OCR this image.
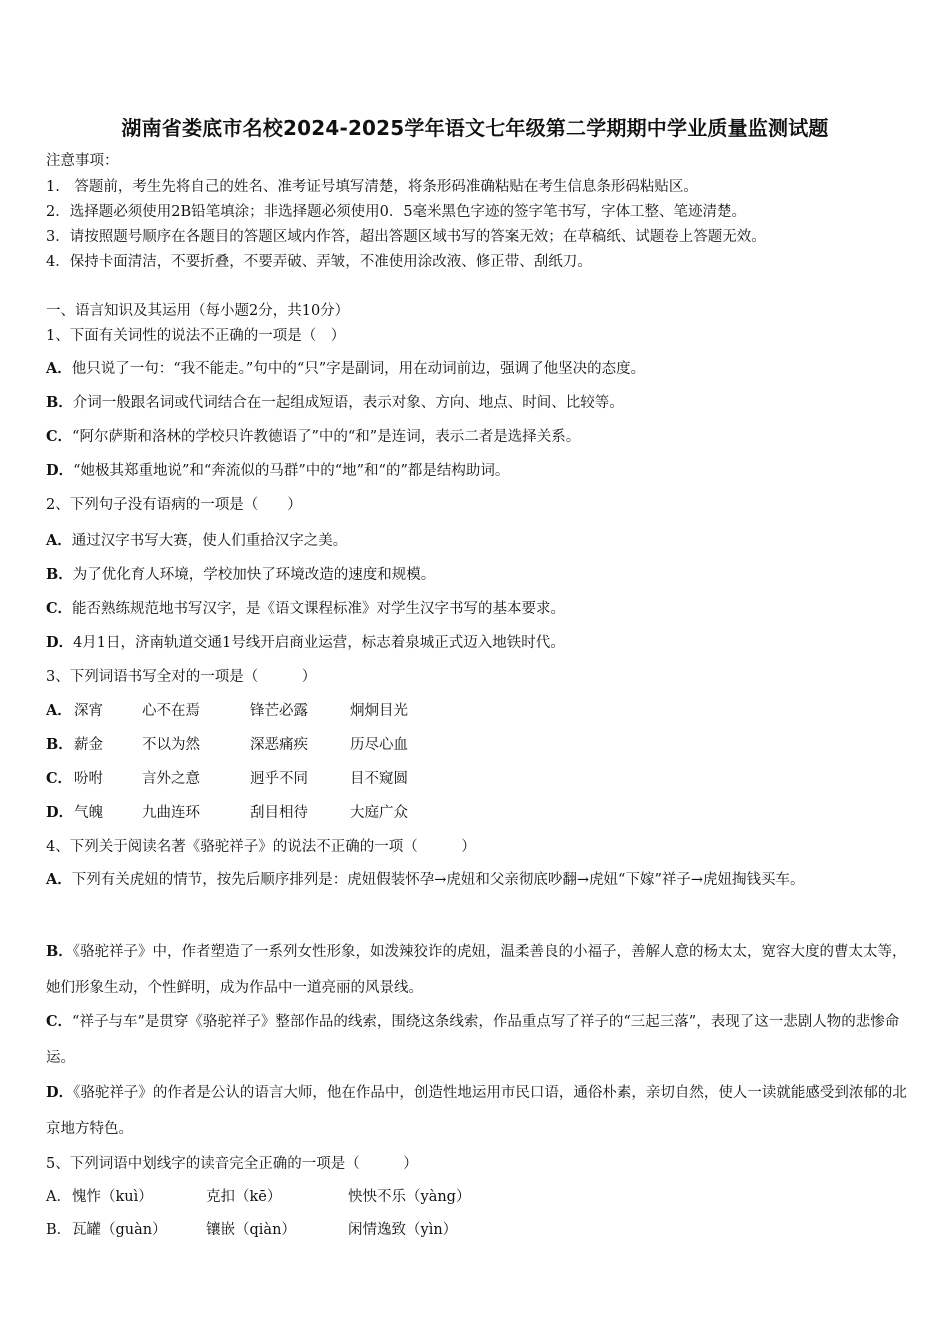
湖南省娄底市名校2024-2025学年语文七年级第二学期期中学业质量监测试题
注意事项：
1.　答题前，考生先将自己的姓名、准考证号填写清楚，将条形码准确粘贴在考生信息条形码粘贴区。
2．选择题必须使用2B铅笔填涂；非选择题必须使用0．5毫米黑色字迹的签字笔书写，字体工整、笔迹清楚。
3．请按照题号顺序在各题目的答题区域内作答，超出答题区域书写的答案无效；在草稿纸、试题卷上答题无效。
4．保持卡面清洁，不要折叠，不要弄破、弄皱，不准使用涂改液、修正带、刮纸刀。
一、语言知识及其运用（每小题2分，共10分）
1、下面有关词性的说法不正确的一项是（　）
A．他只说了一句：“我不能走。”句中的“只”字是副词，用在动词前边，强调了他坚决的态度。
B．介词一般跟名词或代词结合在一起组成短语，表示对象、方向、地点、时间、比较等。
C．“阿尔萨斯和洛林的学校只许教德语了”中的“和”是连词，表示二者是选择关系。
D．“她极其郑重地说”和“奔流似的马群”中的“地”和“的”都是结构助词。
2、下列句子没有语病的一项是（　　）
A．通过汉字书写大赛，使人们重拾汉字之美。
B．为了优化育人环境，学校加快了环境改造的速度和规模。
C．能否熟练规范地书写汉字，是《语文课程标准》对学生汉字书写的基本要求。
D．4月1日，济南轨道交通1号线开启商业运营，标志着泉城正式迈入地铁时代。
3、下列词语书写全对的一项是（　　　）
A． 深宵	心不在焉	锋芒必露	炯炯目光
B． 薪金	不以为然	深恶痛疾	历尽心血
C． 吩咐	言外之意	迥乎不同	目不窥圆
D． 气魄	九曲连环	刮目相待	大庭广众
4、下列关于阅读名著《骆驼祥子》的说法不正确的一项（　　　）
A．下列有关虎妞的情节，按先后顺序排列是：虎妞假装怀孕→虎妞和父亲彻底吵翻→虎妞“下嫁”祥子→虎妞掏钱买车。
B．《骆驼祥子》中，作者塑造了一系列女性形象，如泼辣狡诈的虎妞，温柔善良的小福子，善解人意的杨太太，宽容大度的曹太太等，她们形象生动，个性鲜明，成为作品中一道亮丽的风景线。
C．“祥子与车”是贯穿《骆驼祥子》整部作品的线索，围绕这条线索，作品重点写了祥子的“三起三落”，表现了这一悲剧人物的悲惨命运。
D．《骆驼祥子》的作者是公认的语言大师，他在作品中，创造性地运用市民口语，通俗朴素，亲切自然，使人一读就能感受到浓郁的北京地方特色。
5、下列词语中划线字的读音完全正确的一项是（　　　）
A． 愧怍（kuì）	克扣（kē）	怏怏不乐（yàng）
B． 瓦罐（guàn）	镶嵌（qiàn）	闲情逸致（yìn）
